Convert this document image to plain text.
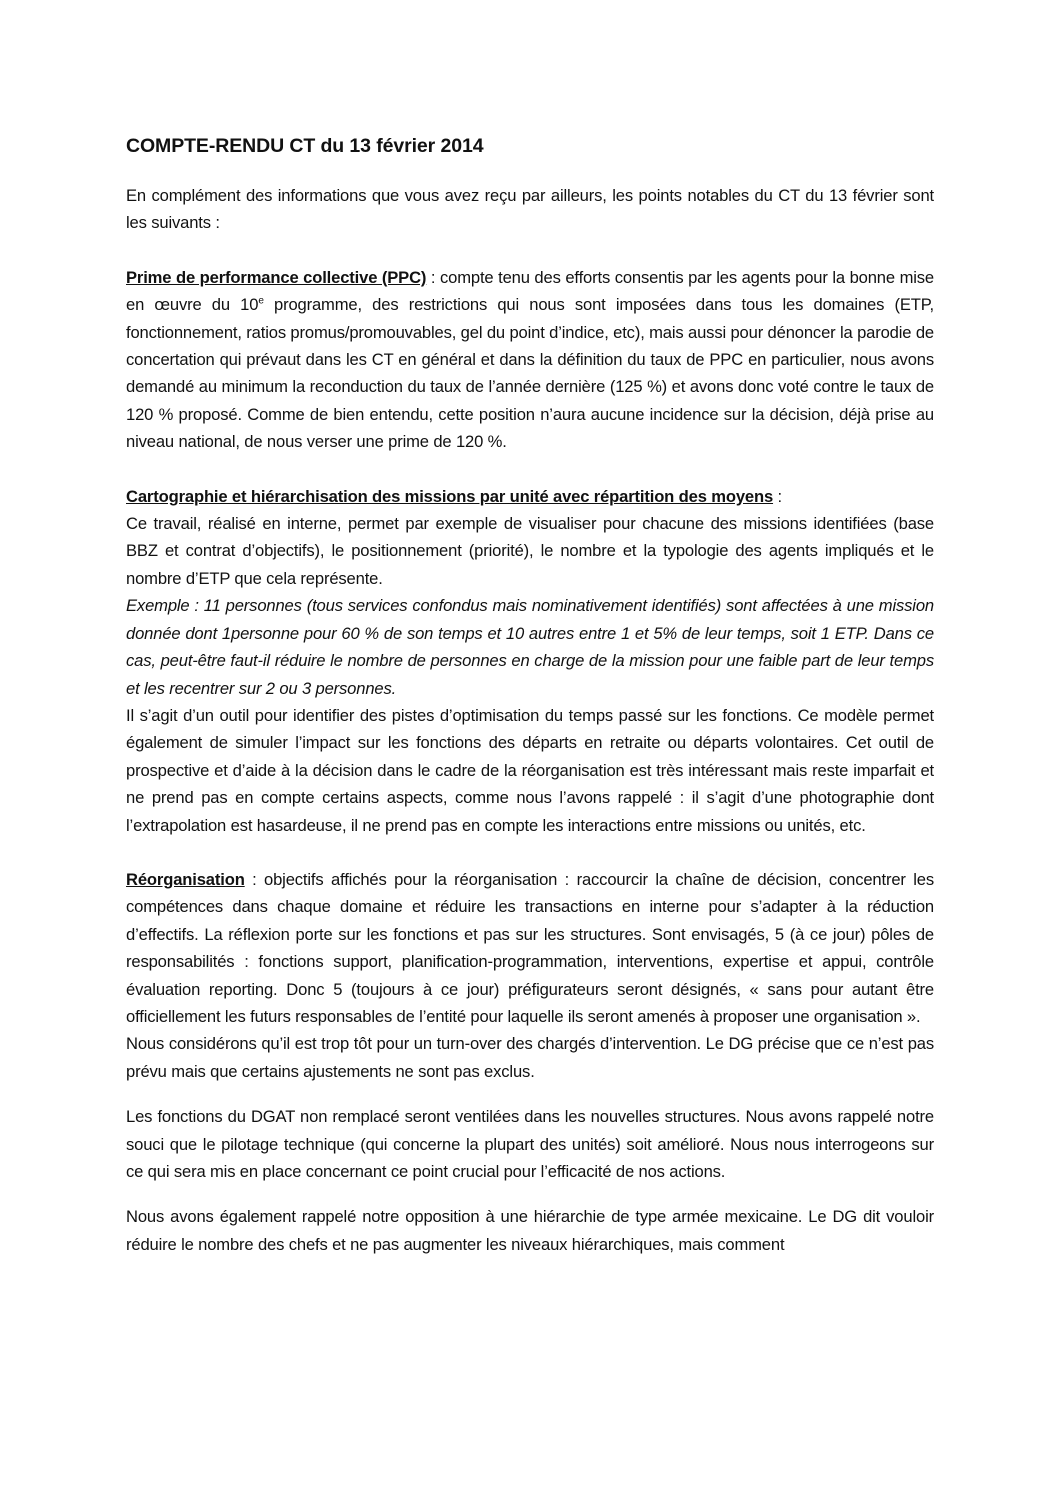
COMPTE-RENDU CT du 13 février 2014

En complément des informations que vous avez reçu par ailleurs, les points notables du CT du 13 février sont les suivants :

Prime de performance collective (PPC) : compte tenu des efforts consentis par les agents pour la bonne mise en œuvre du 10e programme, des restrictions qui nous sont imposées dans tous les domaines (ETP, fonctionnement, ratios promus/promouvables, gel du point d’indice, etc), mais aussi pour dénoncer la parodie de concertation qui prévaut dans les CT en général et dans la définition du taux de PPC en particulier, nous avons demandé au minimum la reconduction du taux de l’année dernière (125 %) et avons donc voté contre le taux de 120 % proposé. Comme de bien entendu, cette position n’aura aucune incidence sur la décision, déjà prise au niveau national, de nous verser une prime de 120 %.

Cartographie et hiérarchisation des missions par unité avec répartition des moyens :

Ce travail, réalisé en interne, permet par exemple de visualiser pour chacune des missions identifiées (base BBZ et contrat d’objectifs), le positionnement (priorité), le nombre et la typologie des agents impliqués et le nombre d’ETP que cela représente.

Exemple : 11 personnes (tous services confondus mais nominativement identifiés) sont affectées à une mission donnée dont 1personne pour 60 % de son temps et 10 autres entre 1 et 5% de leur temps, soit 1 ETP. Dans ce cas, peut-être faut-il réduire le nombre de personnes en charge de la mission pour une faible part de leur temps et les recentrer sur 2 ou 3 personnes.

Il s’agit d’un outil pour identifier des pistes d’optimisation du temps passé sur les fonctions. Ce modèle permet également de simuler l’impact sur les fonctions des départs en retraite ou départs volontaires. Cet outil de prospective et d’aide à la décision dans le cadre de la réorganisation est très intéressant mais reste imparfait et ne prend pas en compte certains aspects, comme nous l’avons rappelé : il s’agit d’une photographie dont l’extrapolation est hasardeuse, il ne prend pas en compte les interactions entre missions ou unités, etc.

Réorganisation : objectifs affichés pour la réorganisation : raccourcir la chaîne de décision, concentrer les compétences dans chaque domaine et réduire les transactions en interne pour s’adapter à la réduction d’effectifs. La réflexion porte sur les fonctions et pas sur les structures. Sont envisagés, 5 (à ce jour) pôles de responsabilités : fonctions support, planification-programmation, interventions, expertise et appui, contrôle évaluation reporting. Donc 5 (toujours à ce jour) préfigurateurs seront désignés, « sans pour autant être officiellement les futurs responsables de l’entité pour laquelle ils seront amenés à proposer une organisation ».

Nous considérons qu’il est trop tôt pour un turn-over des chargés d’intervention. Le DG précise que ce n’est pas prévu mais que certains ajustements ne sont pas exclus.

Les fonctions du DGAT non remplacé seront ventilées dans les nouvelles structures. Nous avons rappelé notre souci que le pilotage technique (qui concerne la plupart des unités) soit amélioré. Nous nous interrogeons sur ce qui sera mis en place concernant ce point crucial pour l’efficacité de nos actions.

Nous avons également rappelé notre opposition à une hiérarchie de type armée mexicaine. Le DG dit vouloir réduire le nombre des chefs et ne pas augmenter les niveaux hiérarchiques, mais comment
